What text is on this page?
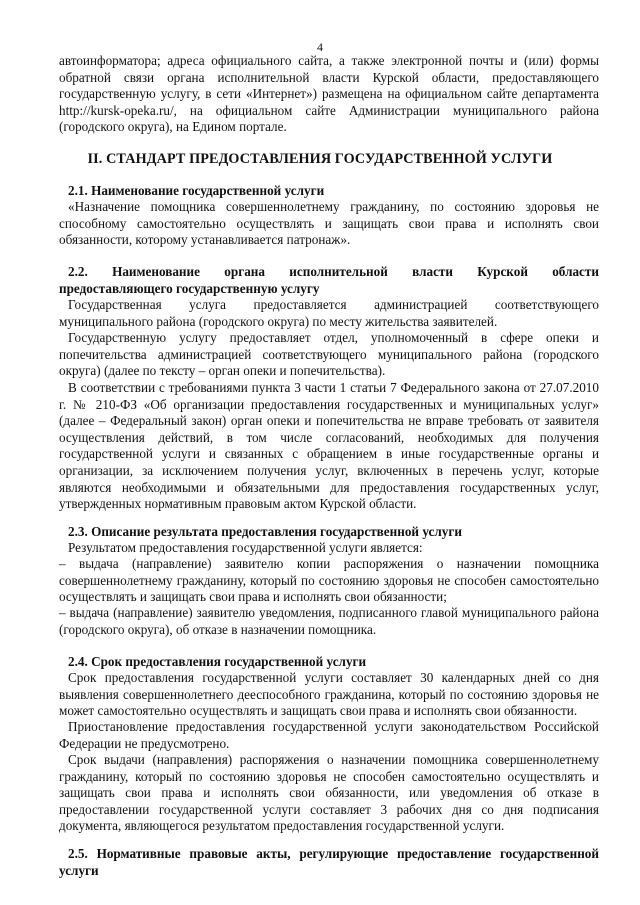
4

автоинформатора; адреса официального сайта, а также электронной почты и (или) формы обратной связи органа исполнительной власти Курской области, предоставляющего государственную услугу, в сети «Интернет») размещена на официальном сайте департамента http://kursk-opeka.ru/, на официальном сайте Администрации муниципального района (городского округа), на Едином портале.

II. СТАНДАРТ ПРЕДОСТАВЛЕНИЯ ГОСУДАРСТВЕННОЙ УСЛУГИ

2.1. Наименование государственной услуги

«Назначение помощника совершеннолетнему гражданину, по состоянию здоровья не способному самостоятельно осуществлять и защищать свои права и исполнять свои обязанности, которому устанавливается патронаж».

2.2. Наименование органа исполнительной власти Курской области
предоставляющего государственную услугу

Государственная услуга предоставляется администрацией соответствующего муниципального района (городского округа) по месту жительства заявителей.

Государственную услугу предоставляет отдел, уполномоченный в сфере опеки и попечительства администрацией соответствующего муниципального района (городского округа) (далее по тексту – орган опеки и попечительства).

В соответствии с требованиями пункта 3 части 1 статьи 7 Федерального закона от 27.07.2010 г. № 210-ФЗ «Об организации предоставления государственных и муниципальных услуг» (далее – Федеральный закон) орган опеки и попечительства не вправе требовать от заявителя осуществления действий, в том числе согласований, необходимых для получения государственной услуги и связанных с обращением в иные государственные органы и организации, за исключением получения услуг, включенных в перечень услуг, которые являются необходимыми и обязательными для предоставления государственных услуг, утвержденных нормативным правовым актом Курской области.

2.3. Описание результата предоставления государственной услуги

Результатом предоставления государственной услуги является:

– выдача (направление) заявителю копии распоряжения о назначении помощника совершеннолетнему гражданину, который по состоянию здоровья не способен самостоятельно осуществлять и защищать свои права и исполнять свои обязанности;

– выдача (направление) заявителю уведомления, подписанного главой муниципального района (городского округа), об отказе в назначении помощника.

2.4. Срок предоставления государственной услуги

Срок предоставления государственной услуги составляет 30 календарных дней со дня выявления совершеннолетнего дееспособного гражданина, который по состоянию здоровья не может самостоятельно осуществлять и защищать свои права и исполнять свои обязанности.

Приостановление предоставления государственной услуги законодательством Российской Федерации не предусмотрено.

Срок выдачи (направления) распоряжения о назначении помощника совершеннолетнему гражданину, который по состоянию здоровья не способен самостоятельно осуществлять и защищать свои права и исполнять свои обязанности, или уведомления об отказе в предоставлении государственной услуги составляет 3 рабочих дня со дня подписания документа, являющегося результатом предоставления государственной услуги.

2.5. Нормативные правовые акты, регулирующие предоставление государственной услуги
